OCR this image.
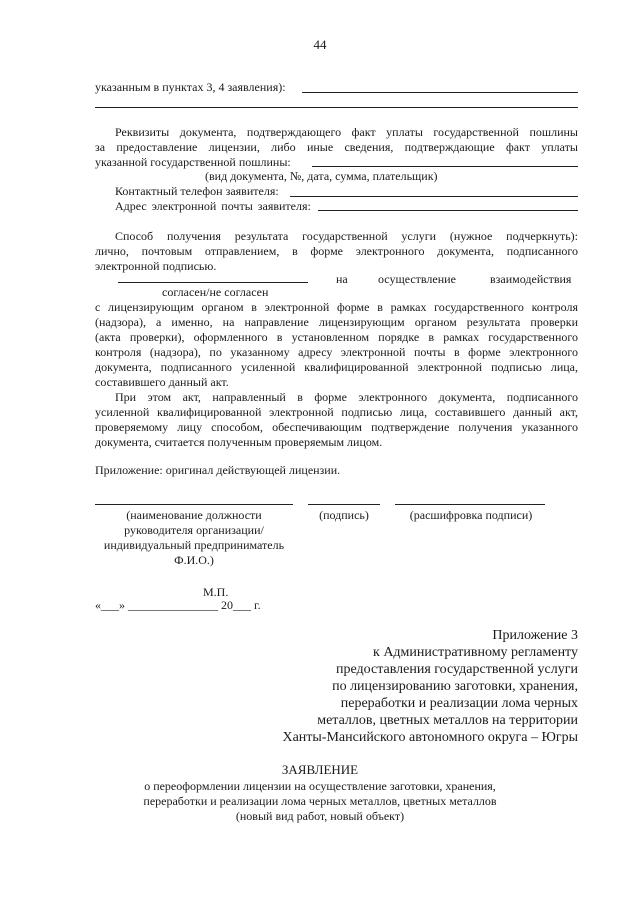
44
указанным в пунктах 3, 4 заявления):
Реквизиты документа, подтверждающего факт уплаты государственной пошлины
за предоставление лицензии, либо иные сведения, подтверждающие факт уплаты
указанной государственной пошлины:
(вид документа, №, дата, сумма, плательщик)
Контактный телефон заявителя:
Адрес электронной почты заявителя:
Способ получения результата государственной услуги (нужное подчеркнуть):
лично, почтовым отправлением, в форме электронного документа, подписанного
электронной подписью.
на	осуществление	взаимодействия
согласен/не согласен
с лицензирующим органом в электронной форме в рамках государственного контроля
(надзора), а именно, на направление лицензирующим органом результата проверки
(акта проверки), оформленного в установленном порядке в рамках государственного
контроля (надзора), по указанному адресу электронной почты в форме электронного
документа, подписанного усиленной квалифицированной электронной подписью лица,
составившего данный акт.
При этом акт, направленный в форме электронного документа, подписанного
усиленной квалифицированной электронной подписью лица, составившего данный акт,
проверяемому лицу способом, обеспечивающим подтверждение получения указанного
документа, считается полученным проверяемым лицом.
Приложение: оригинал действующей лицензии.
(наименование должности
руководителя организации/
индивидуальный предприниматель
Ф.И.О.)
(подпись)	(расшифровка подписи)
М.П.
«___» _______________ 20___ г.
Приложение 3
к Административному регламенту
предоставления государственной услуги
по лицензированию заготовки, хранения,
переработки и реализации лома черных
металлов, цветных металлов на территории
Ханты-Мансийского автономного округа – Югры
ЗАЯВЛЕНИЕ
о переоформлении лицензии на осуществление заготовки, хранения,
переработки и реализации лома черных металлов, цветных металлов
(новый вид работ, новый объект)
